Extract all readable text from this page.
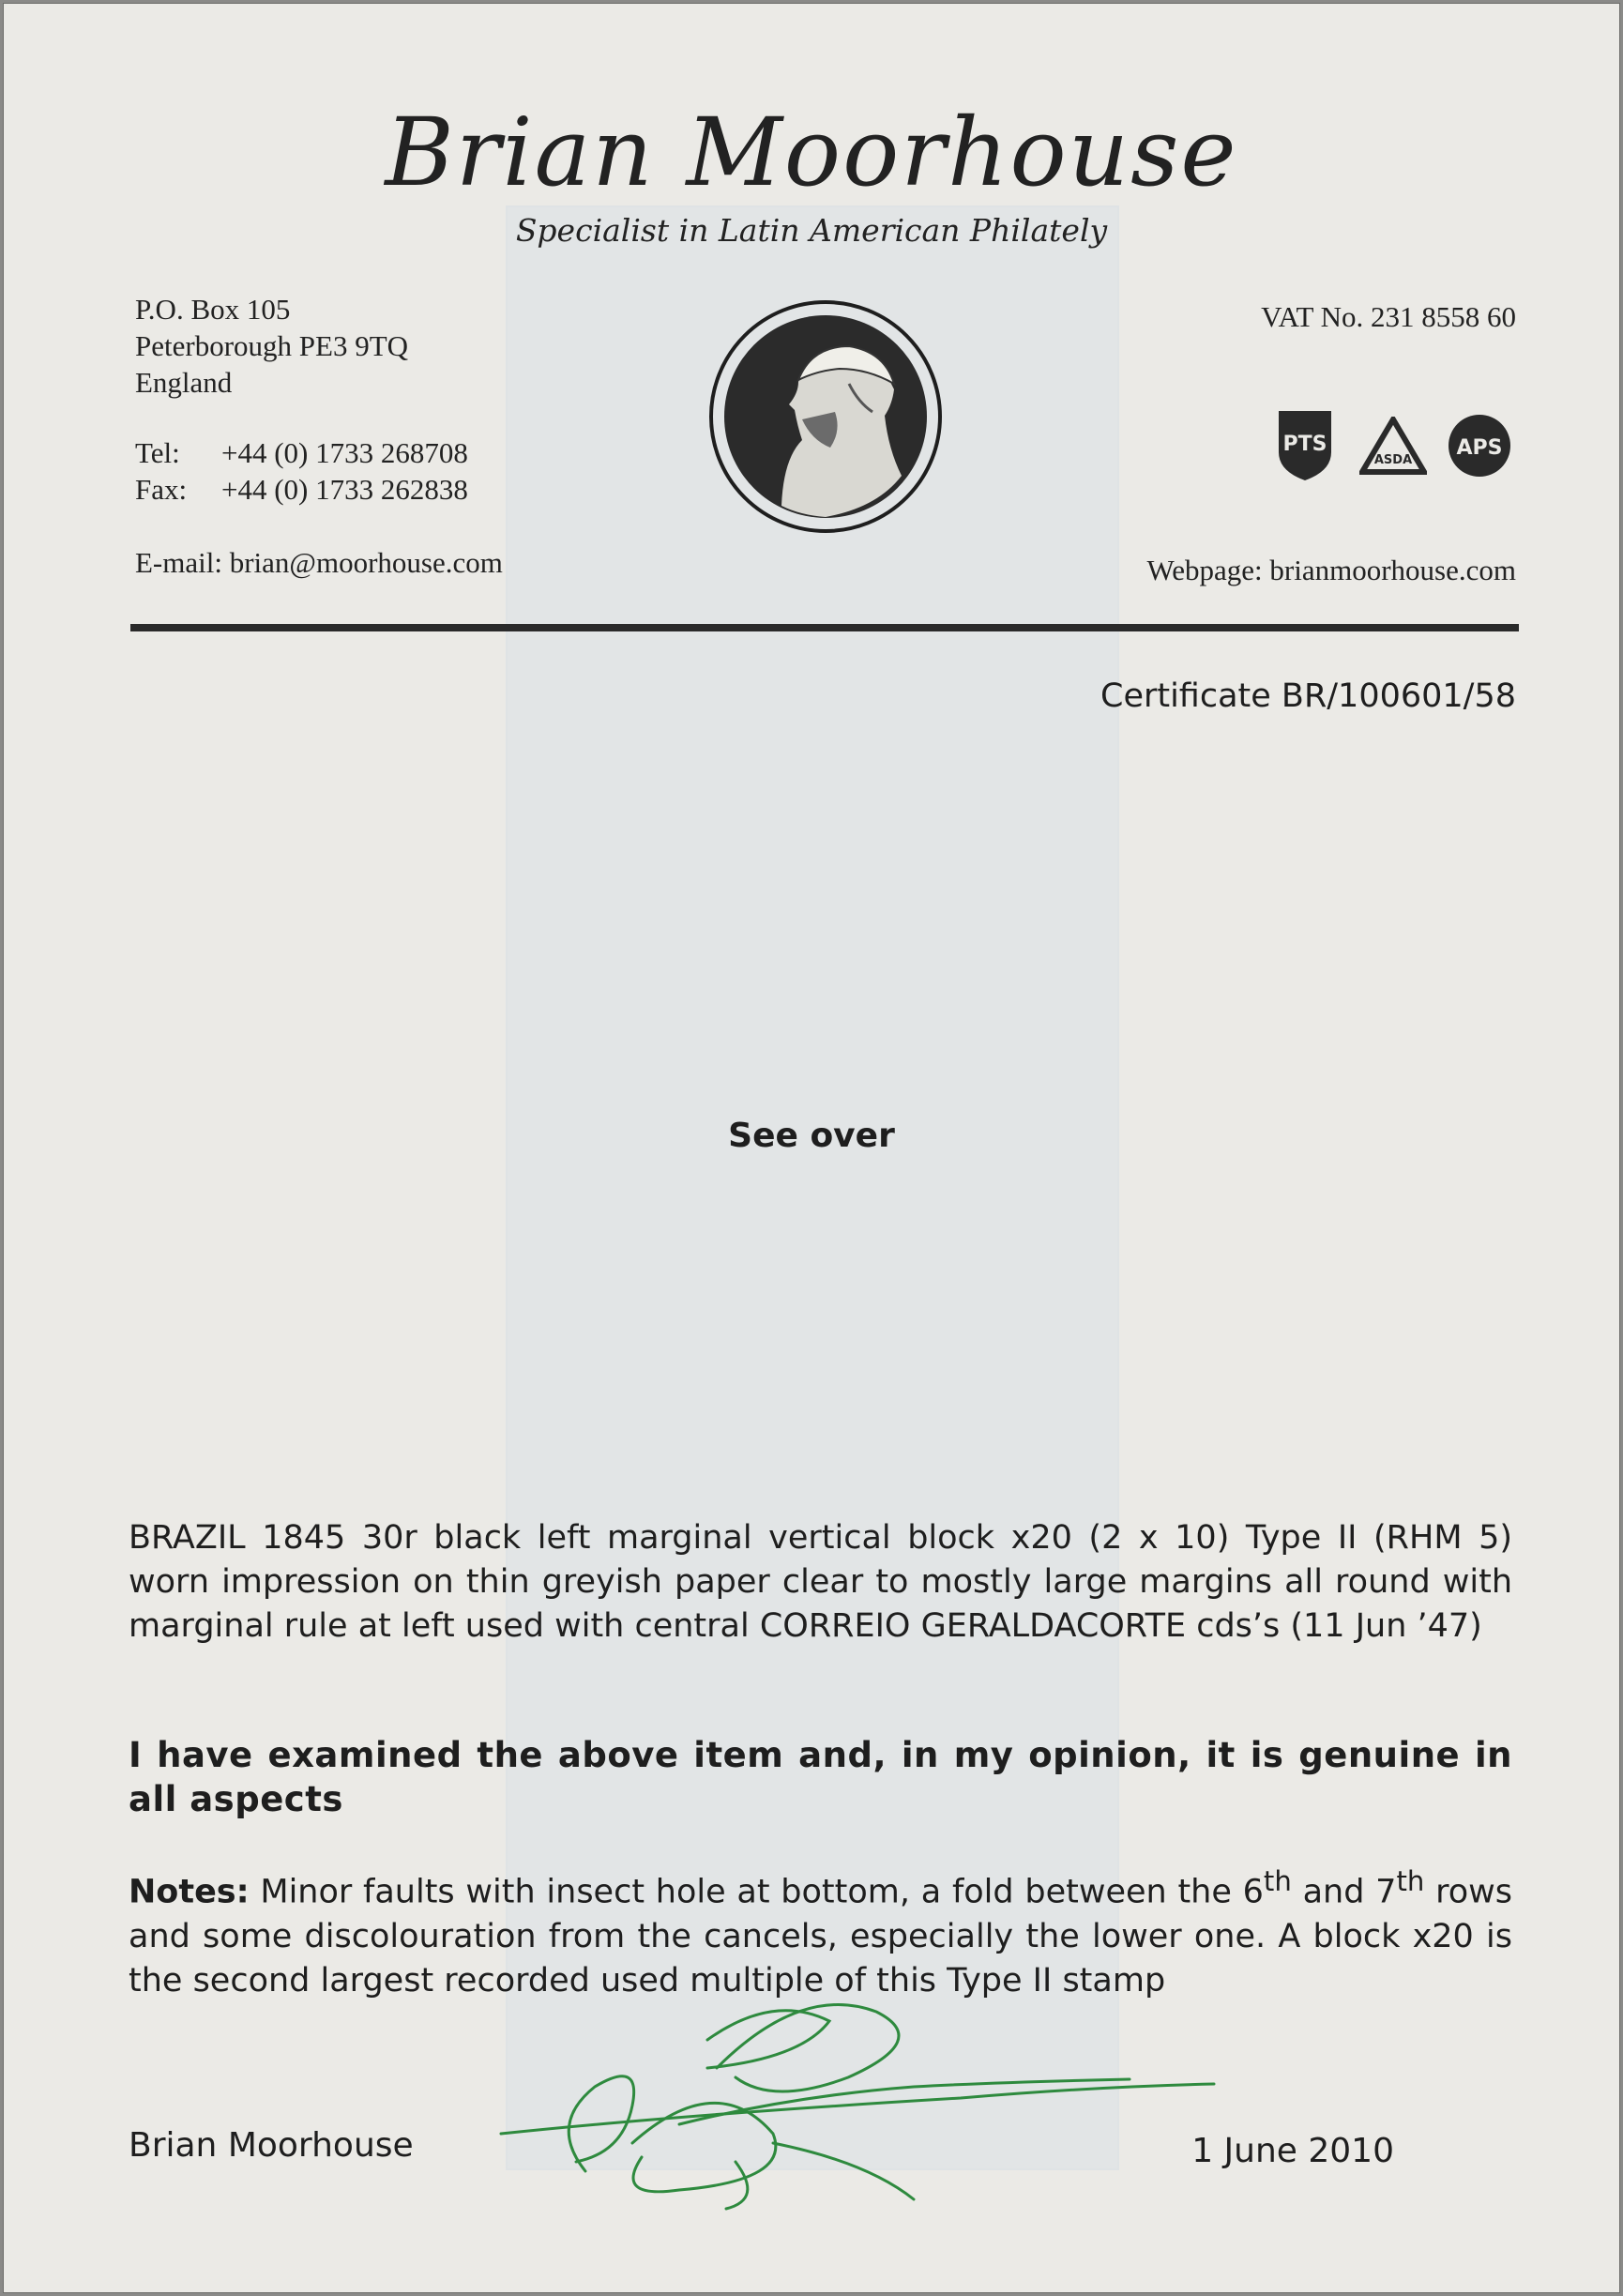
Brian Moorhouse
Specialist in Latin American Philately
P.O. Box 105
Peterborough PE3 9TQ
England
Tel: +44 (0) 1733 268708
Fax: +44 (0) 1733 262838
E-mail: brian@moorhouse.com
VAT No. 231 8558 60
Webpage: brianmoorhouse.com
PTS
ASDA
APS
Certificate BR/100601/58
See over
BRAZIL 1845 30r black left marginal vertical block x20 (2 x 10) Type II (RHM 5) worn impression on thin greyish paper clear to mostly large margins all round with marginal rule at left used with central CORREIO GERALDACORTE cds’s (11 Jun ’47)
I have examined the above item and, in my opinion, it is genuine in all aspects
Notes: Minor faults with insect hole at bottom, a fold between the 6th and 7th rows and some discolouration from the cancels, especially the lower one. A block x20 is the second largest recorded used multiple of this Type II stamp
Brian Moorhouse	1 June 2010
